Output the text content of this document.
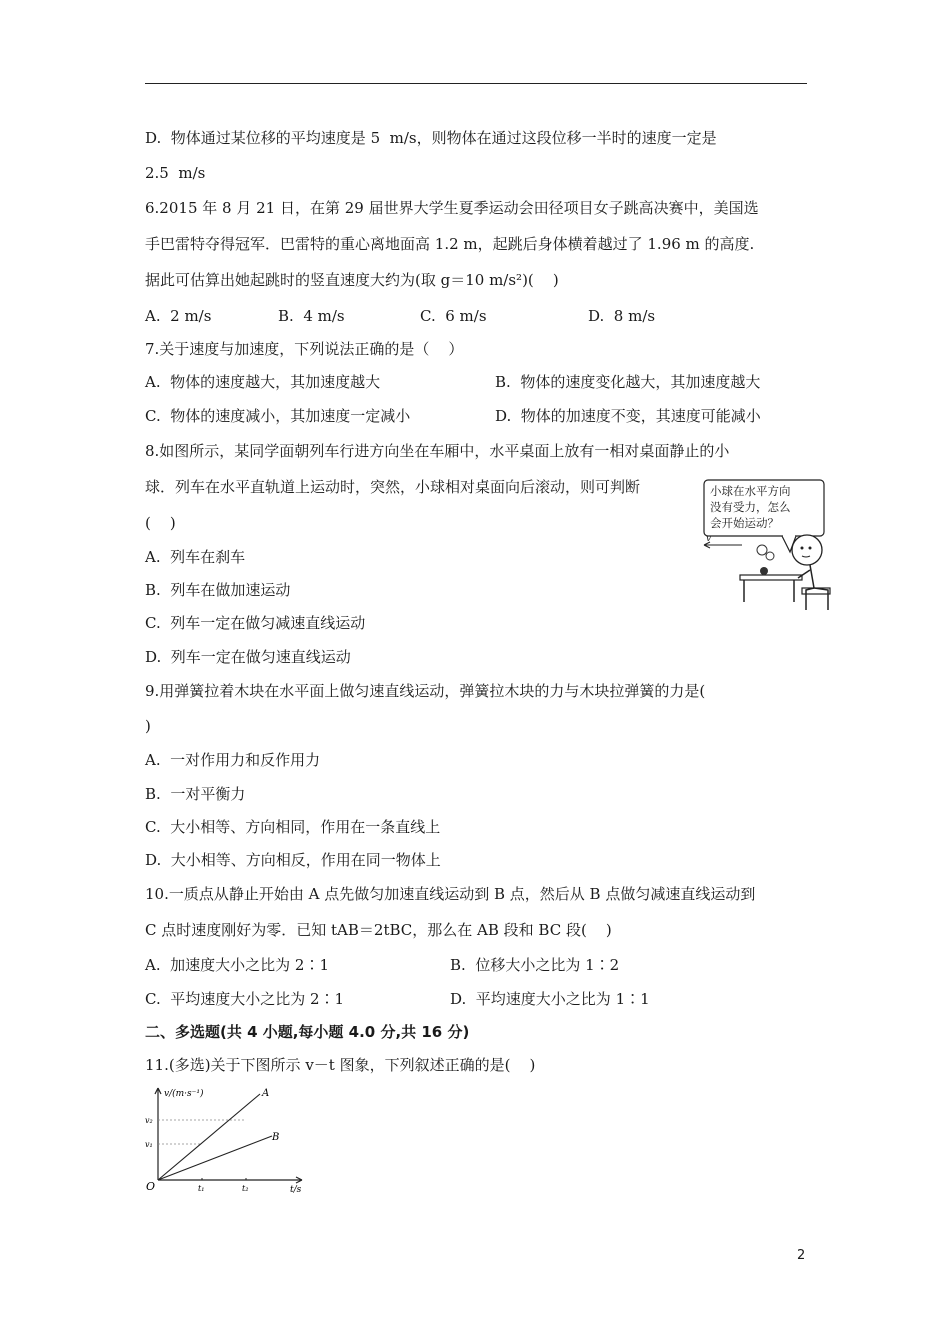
D.  物体通过某位移的平均速度是 5  m/s，则物体在通过这段位移一半时的速度一定是
2.5  m/s
6.2015 年 8 月 21 日，在第 29 届世界大学生夏季运动会田径项目女子跳高决赛中，美国选
手巴雷特夺得冠军．巴雷特的重心离地面高 1.2 m，起跳后身体横着越过了 1.96 m 的高度.
据此可估算出她起跳时的竖直速度大约为(取 g＝10 m/s²)(    )
A.  2 m/s	B.  4 m/s	C.  6 m/s	D.  8 m/s
7.关于速度与加速度，下列说法正确的是（    ）
A.  物体的速度越大，其加速度越大	B.  物体的速度变化越大，其加速度越大
C.  物体的速度减小，其加速度一定减小	D.  物体的加速度不变，其速度可能减小
8.如图所示，某同学面朝列车行进方向坐在车厢中，水平桌面上放有一相对桌面静止的小
球．列车在水平直轨道上运动时，突然，小球相对桌面向后滚动，则可判断
(    )
A.  列车在刹车
B.  列车在做加速运动
C.  列车一定在做匀减速直线运动
D.  列车一定在做匀速直线运动
小球在水平方向
没有受力，怎么
会开始运动？
v
9.用弹簧拉着木块在水平面上做匀速直线运动，弹簧拉木块的力与木块拉弹簧的力是(
)
A.  一对作用力和反作用力
B.  一对平衡力
C.  大小相等、方向相同，作用在一条直线上
D.  大小相等、方向相反，作用在同一物体上
10.一质点从静止开始由 A 点先做匀加速直线运动到 B 点，然后从 B 点做匀减速直线运动到
C 点时速度刚好为零．已知 tAB＝2tBC，那么在 AB 段和 BC 段(    )
A.  加速度大小之比为 2∶1	B.  位移大小之比为 1∶2
C.  平均速度大小之比为 2∶1	D.  平均速度大小之比为 1∶1
二、多选题(共 4 小题,每小题 4.0 分,共 16 分)
11.(多选)关于下图所示 v－t 图象，下列叙述正确的是(    )
v/(m·s⁻¹)
t/s
O
v₂
v₁
t₁	t₂
A
B
2
